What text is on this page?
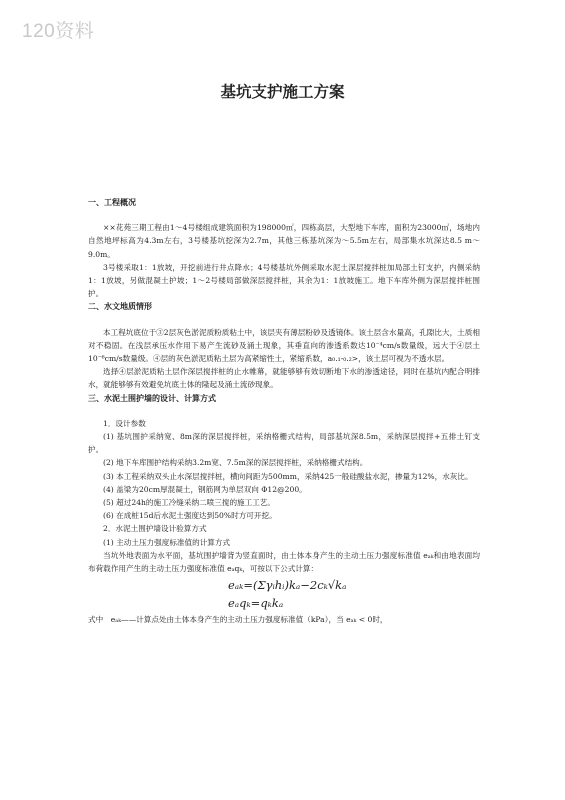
120资料
基坑支护施工方案

一、工程概况

××花苑三期工程由1～4号楼组成建筑面积为198000㎡，四栋高层，大型地下车库，面积为23000㎡，场地内自然地坪标高为4.3m左右，3号楼基坑挖深为2.7m，其他三栋基坑深为～5.5m左右，局部集水坑深达8.5 m～9.0m。

3号楼采取1：1放坡，开挖前进行井点降水；4号楼基坑外侧采取水泥土深层搅拌桩加局部土钉支护，内侧采纳1：1放坡，另做混凝土护坡；1～2号楼局部做深层搅拌桩，其余为1：1放坡施工。地下车库外侧为深层搅拌桩围护。

二、水文地质情形

本工程坑底位于③2层灰色淤泥质粉质粘土中，该层夹有薄层粉砂及透镜体。该土层含水量高，孔隙比大，土质相对不稳固。在浅层承压水作用下易产生流砂及涌土现象，其垂直向的渗透系数达10⁻⁴cm/s数量级，远大于④层土10⁻⁶cm/s数量级。④层的灰色淤泥质粘土层为高紧缩性土，紧缩系数，a₀.₁-₀.₂>，该土层可视为不透水层。

选择④层淤泥质粘土层作深层搅拌桩的止水帷幕，就能够够有效切断地下水的渗透途径，同时在基坑内配合明排水，就能够够有效避免坑底土体的隆起及涌土流砂现象。

三、水泥土围护墙的设计、计算方式

1．设计参数

(1) 基坑围护采纳宽、8m深的深层搅拌桩，采纳格栅式结构，局部基坑深8.5m，采纳深层搅拌+五排土钉支护。

(2) 地下车库围护结构采纳3.2m宽、7.5m深的深层搅拌桩，采纳格栅式结构。

(3) 本工程采纳双头止水深层搅拌桩，横向间距为500mm，采纳425一般硅酸盐水泥，掺量为12%，水灰比。

(4) 盖梁为20cm厚混凝土，钢筋网为单层双向 Φ12@200。

(5) 超过24h的施工冷缝采纳二喷三搅的施工工艺。

(6) 在成桩15d后水泥土强度达到50%时方可开挖。

2．水泥土围护墙设计验算方式

(1) 主动土压力强度标准值的计算方式

当坑外地表面为水平面，基坑围护墙背为竖直面时，由土体本身产生的主动土压力强度标准值 eₐₖ和由地表面均布荷载作用产生的主动土压力强度标准值 eₐqₖ，可按以下公式计算：

eₐₖ=(Σγᵢhᵢ)kₐ−2cₖ√kₐ
eₐqₖ=qₖkₐ

式中　eₐₖ——计算点处由土体本身产生的主动土压力强度标准值（kPa），当 eₐₖ < 0时，
